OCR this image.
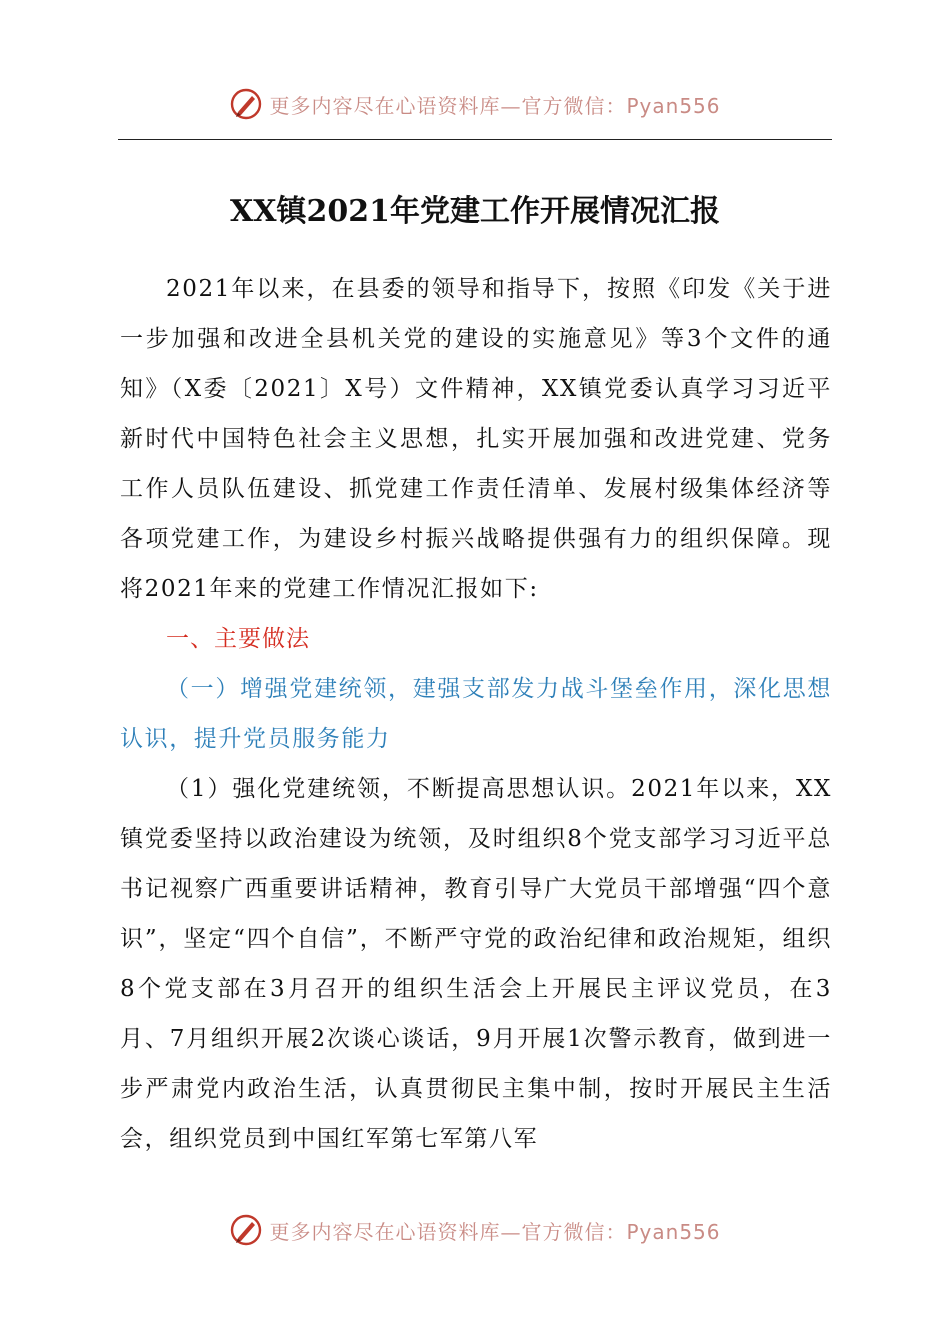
更多内容尽在心语资料库—官方微信：Pyan556
XX镇2021年党建工作开展情况汇报

2021年以来，在县委的领导和指导下，按照《印发《关于进一步加强和改进全县机关党的建设的实施意见》等3个文件的通知》（X委〔2021〕X号）文件精神，XX镇党委认真学习习近平新时代中国特色社会主义思想，扎实开展加强和改进党建、党务工作人员队伍建设、抓党建工作责任清单、发展村级集体经济等各项党建工作，为建设乡村振兴战略提供强有力的组织保障。现将2021年来的党建工作情况汇报如下:

一、主要做法

（一）增强党建统领，建强支部发力战斗堡垒作用，深化思想认识，提升党员服务能力

（1）强化党建统领，不断提高思想认识。2021年以来，XX镇党委坚持以政治建设为统领，及时组织8个党支部学习习近平总书记视察广西重要讲话精神，教育引导广大党员干部增强“四个意识”，坚定“四个自信”，不断严守党的政治纪律和政治规矩，组织8个党支部在3月召开的组织生活会上开展民主评议党员，在3月、7月组织开展2次谈心谈话，9月开展1次警示教育，做到进一步严肃党内政治生活，认真贯彻民主集中制，按时开展民主生活会，组织党员到中国红军第七军第八军

更多内容尽在心语资料库—官方微信：Pyan556
